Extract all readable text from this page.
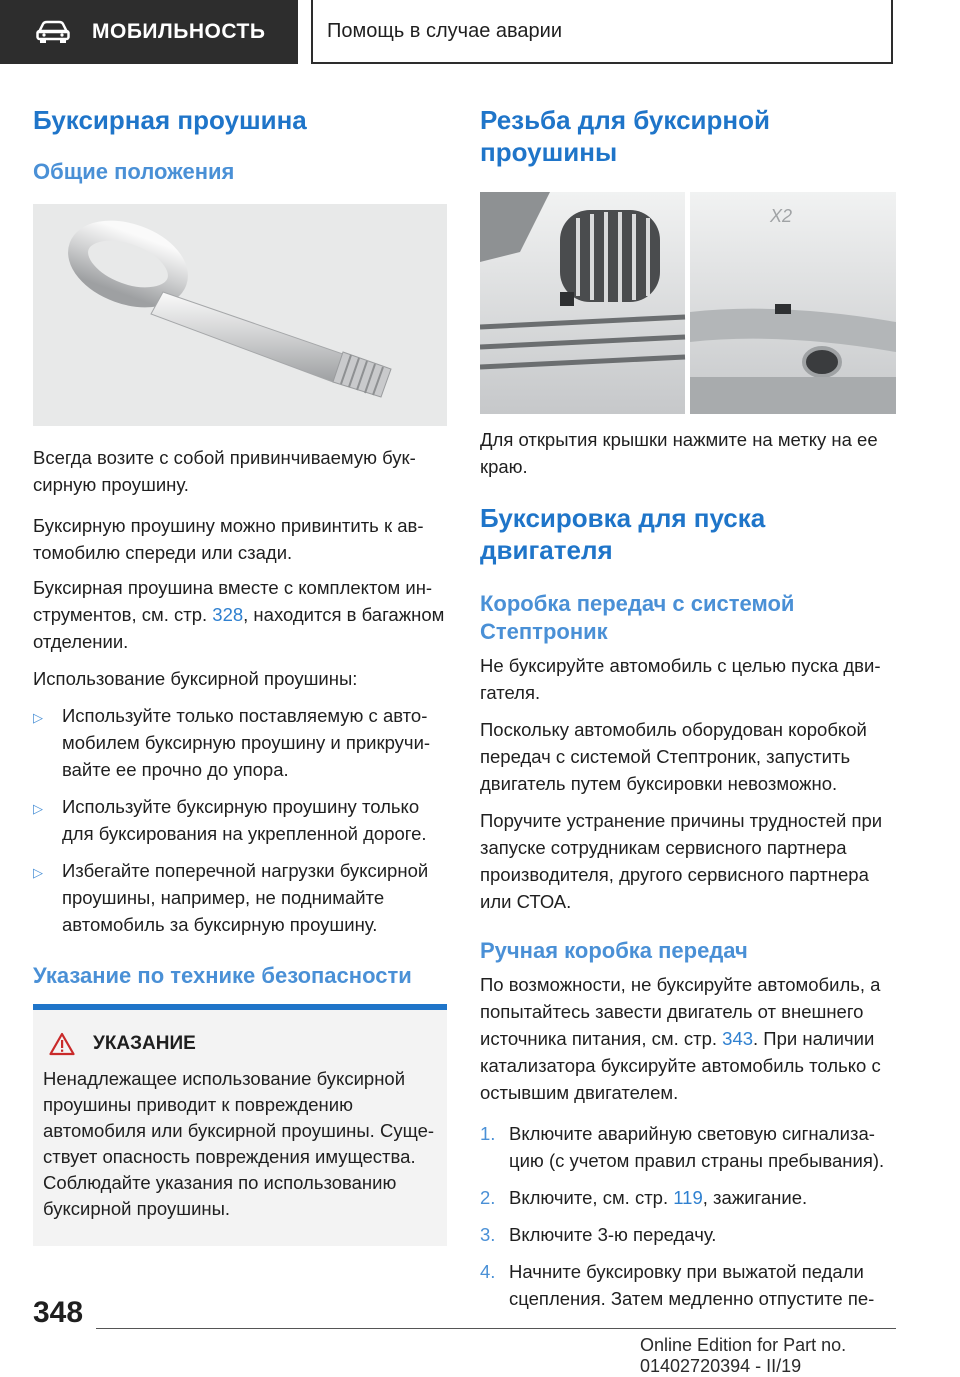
МОБИЛЬНОСТЬ	Помощь в случае аварии
Буксирная проушина
Общие положения

Всегда возите с собой привинчиваемую буксирную проушину.

Буксирную проушину можно привинтить к автомобилю спереди или сзади.

Буксирная проушина вместе с комплектом инструментов, см. стр. 328, находится в багажном отделении.

Использование буксирной проушины:

▷	Используйте только поставляемую с автомобилем буксирную проушину и прикручивайте ее прочно до упора.
▷	Используйте буксирную проушину только для буксирования на укрепленной дороге.
▷	Избегайте поперечной нагрузки буксирной проушины, например, не поднимайте автомобиль за буксирную проушину.
Указание по технике безопасности
УКАЗАНИЕ

Ненадлежащее использование буксирной проушины приводит к повреждению автомобиля или буксирной проушины. Существует опасность повреждения имущества. Соблюдайте указания по использованию буксирной проушины.

Резьба для буксирной проушины
X2

Для открытия крышки нажмите на метку на ее краю.

Буксировка для пуска двигателя
Коробка передач с системой Стептроник

Не буксируйте автомобиль с целью пуска двигателя.

Поскольку автомобиль оборудован коробкой передач с системой Стептроник, запустить двигатель путем буксировки невозможно.

Поручите устранение причины трудностей при запуске сотрудникам сервисного партнера производителя, другого сервисного партнера или СТОА.

Ручная коробка передач

По возможности, не буксируйте автомобиль, а попытайтесь завести двигатель от внешнего источника питания, см. стр. 343. При наличии катализатора буксируйте автомобиль только с остывшим двигателем.

1. Включите аварийную световую сигнализацию (с учетом правил страны пребывания).
2. Включите, см. стр. 119, зажигание.
3. Включите 3-ю передачу.
4. Начните буксировку при выжатой педали сцепления. Затем медленно отпустите пе-
348
Online Edition for Part no. 01402720394 - II/19
